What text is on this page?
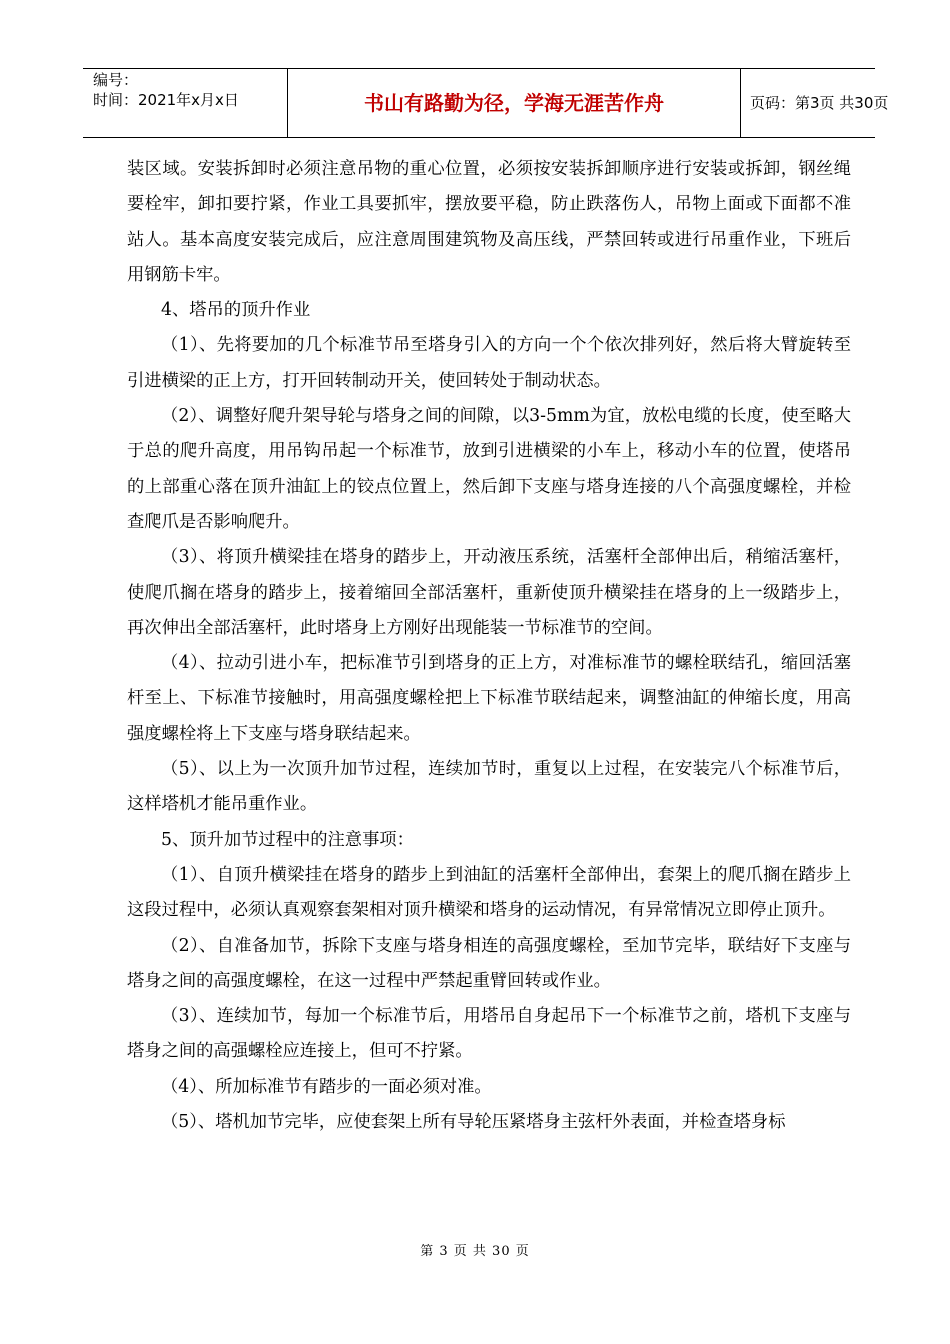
编号：
时间：2021年x月x日	书山有路勤为径，学海无涯苦作舟	页码：第3页 共30页

装区域。安装拆卸时必须注意吊物的重心位置，必须按安装拆卸顺序进行安装或拆卸，钢丝绳要栓牢，卸扣要拧紧，作业工具要抓牢，摆放要平稳，防止跌落伤人，吊物上面或下面都不准站人。基本高度安装完成后，应注意周围建筑物及高压线，严禁回转或进行吊重作业，下班后用钢筋卡牢。

4、塔吊的顶升作业

（1）、先将要加的几个标准节吊至塔身引入的方向一个个依次排列好，然后将大臂旋转至引进横梁的正上方，打开回转制动开关，使回转处于制动状态。

（2）、调整好爬升架导轮与塔身之间的间隙，以3-5mm为宜，放松电缆的长度，使至略大于总的爬升高度，用吊钩吊起一个标准节，放到引进横梁的小车上，移动小车的位置，使塔吊的上部重心落在顶升油缸上的铰点位置上，然后卸下支座与塔身连接的八个高强度螺栓，并检查爬爪是否影响爬升。

（3）、将顶升横梁挂在塔身的踏步上，开动液压系统，活塞杆全部伸出后，稍缩活塞杆，使爬爪搁在塔身的踏步上，接着缩回全部活塞杆，重新使顶升横梁挂在塔身的上一级踏步上，再次伸出全部活塞杆，此时塔身上方刚好出现能装一节标准节的空间。

（4）、拉动引进小车，把标准节引到塔身的正上方，对准标准节的螺栓联结孔，缩回活塞杆至上、下标准节接触时，用高强度螺栓把上下标准节联结起来，调整油缸的伸缩长度，用高强度螺栓将上下支座与塔身联结起来。

（5）、以上为一次顶升加节过程，连续加节时，重复以上过程，在安装完八个标准节后，这样塔机才能吊重作业。

5、顶升加节过程中的注意事项：

（1）、自顶升横梁挂在塔身的踏步上到油缸的活塞杆全部伸出，套架上的爬爪搁在踏步上这段过程中，必须认真观察套架相对顶升横梁和塔身的运动情况，有异常情况立即停止顶升。

（2）、自准备加节，拆除下支座与塔身相连的高强度螺栓，至加节完毕，联结好下支座与塔身之间的高强度螺栓，在这一过程中严禁起重臂回转或作业。

（3）、连续加节，每加一个标准节后，用塔吊自身起吊下一个标准节之前，塔机下支座与塔身之间的高强螺栓应连接上，但可不拧紧。

（4）、所加标准节有踏步的一面必须对准。

（5）、塔机加节完毕，应使套架上所有导轮压紧塔身主弦杆外表面，并检查塔身标

第 3 页 共 30 页
